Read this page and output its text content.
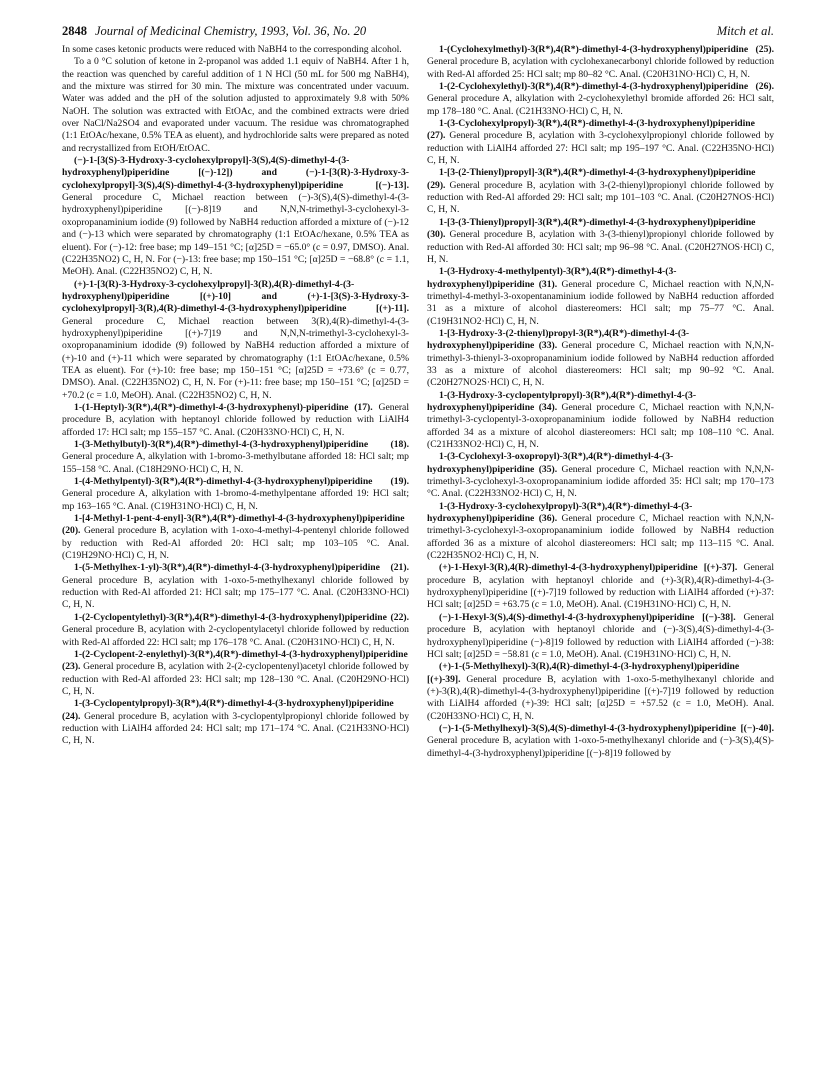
2848 Journal of Medicinal Chemistry, 1993, Vol. 36, No. 20	Mitch et al.

In some cases ketonic products were reduced with NaBH4 to the corresponding alcohol.

To a 0 °C solution of ketone in 2-propanol was added 1.1 equiv of NaBH4. After 1 h, the reaction was quenched by careful addition of 1 N HCl (50 mL for 500 mg NaBH4), and the mixture was stirred for 30 min. The mixture was concentrated under vacuum. Water was added and the pH of the solution adjusted to approximately 9.8 with 50% NaOH. The solution was extracted with EtOAc, and the combined extracts were dried over NaCl/Na2SO4 and evaporated under vacuum. The residue was chromatographed (1:1 EtOAc/hexane, 0.5% TEA as eluent), and hydrochloride salts were prepared as noted and recrystallized from EtOH/EtOAC.

(−)-1-[3(S)-3-Hydroxy-3-cyclohexylpropyl]-3(S),4(S)-dimethyl-4-(3-hydroxyphenyl)piperidine [(−)-12]) and (−)-1-[3(R)-3-Hydroxy-3-cyclohexylpropyl]-3(S),4(S)-dimethyl-4-(3-hydroxyphenyl)piperidine [(−)-13]. General procedure C, Michael reaction between (−)-3(S),4(S)-dimethyl-4-(3-hydroxyphenyl)piperidine [(−)-8]19 and N,N,N-trimethyl-3-cyclohexyl-3-oxopropanaminium iodide (9) followed by NaBH4 reduction afforded a mixture of (−)-12 and (−)-13 which were separated by chromatography (1:1 EtOAc/hexane, 0.5% TEA as eluent). For (−)-12: free base; mp 149–151 °C; [α]25D = −65.0° (c = 0.97, DMSO). Anal. (C22H35NO2) C, H, N. For (−)-13: free base; mp 150–151 °C; [α]25D = −68.8° (c = 1.1, MeOH). Anal. (C22H35NO2) C, H, N.

(+)-1-[3(R)-3-Hydroxy-3-cyclohexylpropyl]-3(R),4(R)-dimethyl-4-(3-hydroxyphenyl)piperidine [(+)-10] and (+)-1-[3(S)-3-Hydroxy-3-cyclohexylpropyl]-3(R),4(R)-dimethyl-4-(3-hydroxyphenyl)piperidine [(+)-11]. General procedure C, Michael reaction between 3(R),4(R)-dimethyl-4-(3-hydroxyphenyl)piperidine [(+)-7]19 and N,N,N-trimethyl-3-cyclohexyl-3-oxopropanaminium idodide (9) followed by NaBH4 reduction afforded a mixture of (+)-10 and (+)-11 which were separated by chromatography (1:1 EtOAc/hexane, 0.5% TEA as eluent). For (+)-10: free base; mp 150–151 °C; [α]25D = +73.6° (c = 0.77, DMSO). Anal. (C22H35NO2) C, H, N. For (+)-11: free base; mp 150–151 °C; [α]25D = +70.2 (c = 1.0, MeOH). Anal. (C22H35NO2) C, H, N.

1-(1-Heptyl)-3(R*),4(R*)-dimethyl-4-(3-hydroxyphenyl)-piperidine (17). General procedure B, acylation with heptanoyl chloride followed by reduction with LiAlH4 afforded 17: HCl salt; mp 155–157 °C. Anal. (C20H33NO·HCl) C, H, N.

1-(3-Methylbutyl)-3(R*),4(R*)-dimethyl-4-(3-hydroxyphenyl)piperidine (18). General procedure A, alkylation with 1-bromo-3-methylbutane afforded 18: HCl salt; mp 155–158 °C. Anal. (C18H29NO·HCl) C, H, N.

1-(4-Methylpentyl)-3(R*),4(R*)-dimethyl-4-(3-hydroxyphenyl)piperidine (19). General procedure A, alkylation with 1-bromo-4-methylpentane afforded 19: HCl salt; mp 163–165 °C. Anal. (C19H31NO·HCl) C, H, N.

1-[4-Methyl-1-pent-4-enyl]-3(R*),4(R*)-dimethyl-4-(3-hydroxyphenyl)piperidine (20). General procedure B, acylation with 1-oxo-4-methyl-4-pentenyl chloride followed by reduction with Red-Al afforded 20: HCl salt; mp 103–105 °C. Anal. (C19H29NO·HCl) C, H, N.

1-(5-Methylhex-1-yl)-3(R*),4(R*)-dimethyl-4-(3-hydroxyphenyl)piperidine (21). General procedure B, acylation with 1-oxo-5-methylhexanyl chloride followed by reduction with Red-Al afforded 21: HCl salt; mp 175–177 °C. Anal. (C20H33NO·HCl) C, H, N.

1-(2-Cyclopentylethyl)-3(R*),4(R*)-dimethyl-4-(3-hydroxyphenyl)piperidine (22). General procedure B, acylation with 2-cyclopentylacetyl chloride followed by reduction with Red-Al afforded 22: HCl salt; mp 176–178 °C. Anal. (C20H31NO·HCl) C, H, N.

1-(2-Cyclopent-2-enylethyl)-3(R*),4(R*)-dimethyl-4-(3-hydroxyphenyl)piperidine (23). General procedure B, acylation with 2-(2-cyclopentenyl)acetyl chloride followed by reduction with Red-Al afforded 23: HCl salt; mp 128–130 °C. Anal. (C20H29NO·HCl) C, H, N.

1-(3-Cyclopentylpropyl)-3(R*),4(R*)-dimethyl-4-(3-hydroxyphenyl)piperidine (24). General procedure B, acylation with 3-cyclopentylpropionyl chloride followed by reduction with LiAlH4 afforded 24: HCl salt; mp 171–174 °C. Anal. (C21H33NO·HCl) C, H, N.

1-(Cyclohexylmethyl)-3(R*),4(R*)-dimethyl-4-(3-hydroxyphenyl)piperidine (25). General procedure B, acylation with cyclohexanecarbonyl chloride followed by reduction with Red-Al afforded 25: HCl salt; mp 80–82 °C. Anal. (C20H31NO·HCl) C, H, N.

1-(2-Cyclohexylethyl)-3(R*),4(R*)-dimethyl-4-(3-hydroxyphenyl)piperidine (26). General procedure A, alkylation with 2-cyclohexylethyl bromide afforded 26: HCl salt, mp 178–180 °C. Anal. (C21H33NO·HCl) C, H, N.

1-(3-Cyclohexylpropyl)-3(R*),4(R*)-dimethyl-4-(3-hydroxyphenyl)piperidine (27). General procedure B, acylation with 3-cyclohexylpropionyl chloride followed by reduction with LiAlH4 afforded 27: HCl salt; mp 195–197 °C. Anal. (C22H35NO·HCl) C, H, N.

1-[3-(2-Thienyl)propyl]-3(R*),4(R*)-dimethyl-4-(3-hydroxyphenyl)piperidine (29). General procedure B, acylation with 3-(2-thienyl)propionyl chloride followed by reduction with Red-Al afforded 29: HCl salt; mp 101–103 °C. Anal. (C20H27NOS·HCl) C, H, N.

1-[3-(3-Thienyl)propyl]-3(R*),4(R*)-dimethyl-4-(3-hydroxyphenyl)piperidine (30). General procedure B, acylation with 3-(3-thienyl)propionyl chloride followed by reduction with Red-Al afforded 30: HCl salt; mp 96–98 °C. Anal. (C20H27NOS·HCl) C, H, N.

1-(3-Hydroxy-4-methylpentyl)-3(R*),4(R*)-dimethyl-4-(3-hydroxyphenyl)piperidine (31). General procedure C, Michael reaction with N,N,N-trimethyl-4-methyl-3-oxopentanaminium iodide followed by NaBH4 reduction afforded 31 as a mixture of alcohol diastereomers: HCl salt; mp 75–77 °C. Anal. (C19H31NO2·HCl) C, H, N.

1-[3-Hydroxy-3-(2-thienyl)propyl-3(R*),4(R*)-dimethyl-4-(3-hydroxyphenyl)piperidine (33). General procedure C, Michael reaction with N,N,N-trimethyl-3-thienyl-3-oxopropanaminium iodide followed by NaBH4 reduction afforded 33 as a mixture of alcohol diastereomers: HCl salt; mp 90–92 °C. Anal. (C20H27NO2S·HCl) C, H, N.

1-(3-Hydroxy-3-cyclopentylpropyl)-3(R*),4(R*)-dimethyl-4-(3-hydroxyphenyl)piperidine (34). General procedure C, Michael reaction with N,N,N-trimethyl-3-cyclopentyl-3-oxopropanaminium iodide followed by NaBH4 reduction afforded 34 as a mixture of alcohol diastereomers: HCl salt; mp 108–110 °C. Anal. (C21H33NO2·HCl) C, H, N.

1-(3-Cyclohexyl-3-oxopropyl)-3(R*),4(R*)-dimethyl-4-(3-hydroxyphenyl)piperidine (35). General procedure C, Michael reaction with N,N,N-trimethyl-3-cyclohexyl-3-oxopropanaminium iodide afforded 35: HCl salt; mp 170–173 °C. Anal. (C22H33NO2·HCl) C, H, N.

1-(3-Hydroxy-3-cyclohexylpropyl)-3(R*),4(R*)-dimethyl-4-(3-hydroxyphenyl)piperidine (36). General procedure C, Michael reaction with N,N,N-trimethyl-3-cyclohexyl-3-oxopropanaminium iodide followed by NaBH4 reduction afforded 36 as a mixture of alcohol diastereomers: HCl salt; mp 113–115 °C. Anal. (C22H35NO2·HCl) C, H, N.

(+)-1-Hexyl-3(R),4(R)-dimethyl-4-(3-hydroxyphenyl)piperidine [(+)-37]. General procedure B, acylation with heptanoyl chloride and (+)-3(R),4(R)-dimethyl-4-(3-hydroxyphenyl)piperidine [(+)-7]19 followed by reduction with LiAlH4 afforded (+)-37: HCl salt; [α]25D = +63.75 (c = 1.0, MeOH). Anal. (C19H31NO·HCl) C, H, N.

(−)-1-Hexyl-3(S),4(S)-dimethyl-4-(3-hydroxyphenyl)piperidine [(−)-38]. General procedure B, acylation with heptanoyl chloride and (−)-3(S),4(S)-dimethyl-4-(3-hydroxyphenyl)piperidine (−)-8]19 followed by reduction with LiAlH4 afforded (−)-38: HCl salt; [α]25D = −58.81 (c = 1.0, MeOH). Anal. (C19H31NO·HCl) C, H, N.

(+)-1-(5-Methylhexyl)-3(R),4(R)-dimethyl-4-(3-hydroxyphenyl)piperidine [(+)-39]. General procedure B, acylation with 1-oxo-5-methylhexanyl chloride and (+)-3(R),4(R)-dimethyl-4-(3-hydroxyphenyl)piperidine [(+)-7]19 followed by reduction with LiAlH4 afforded (+)-39: HCl salt; [α]25D = +57.52 (c = 1.0, MeOH). Anal. (C20H33NO·HCl) C, H, N.

(−)-1-(5-Methylhexyl)-3(S),4(S)-dimethyl-4-(3-hydroxyphenyl)piperidine [(−)-40]. General procedure B, acylation with 1-oxo-5-methylhexanyl chloride and (−)-3(S),4(S)-dimethyl-4-(3-hydroxyphenyl)piperidine [(−)-8]19 followed by
